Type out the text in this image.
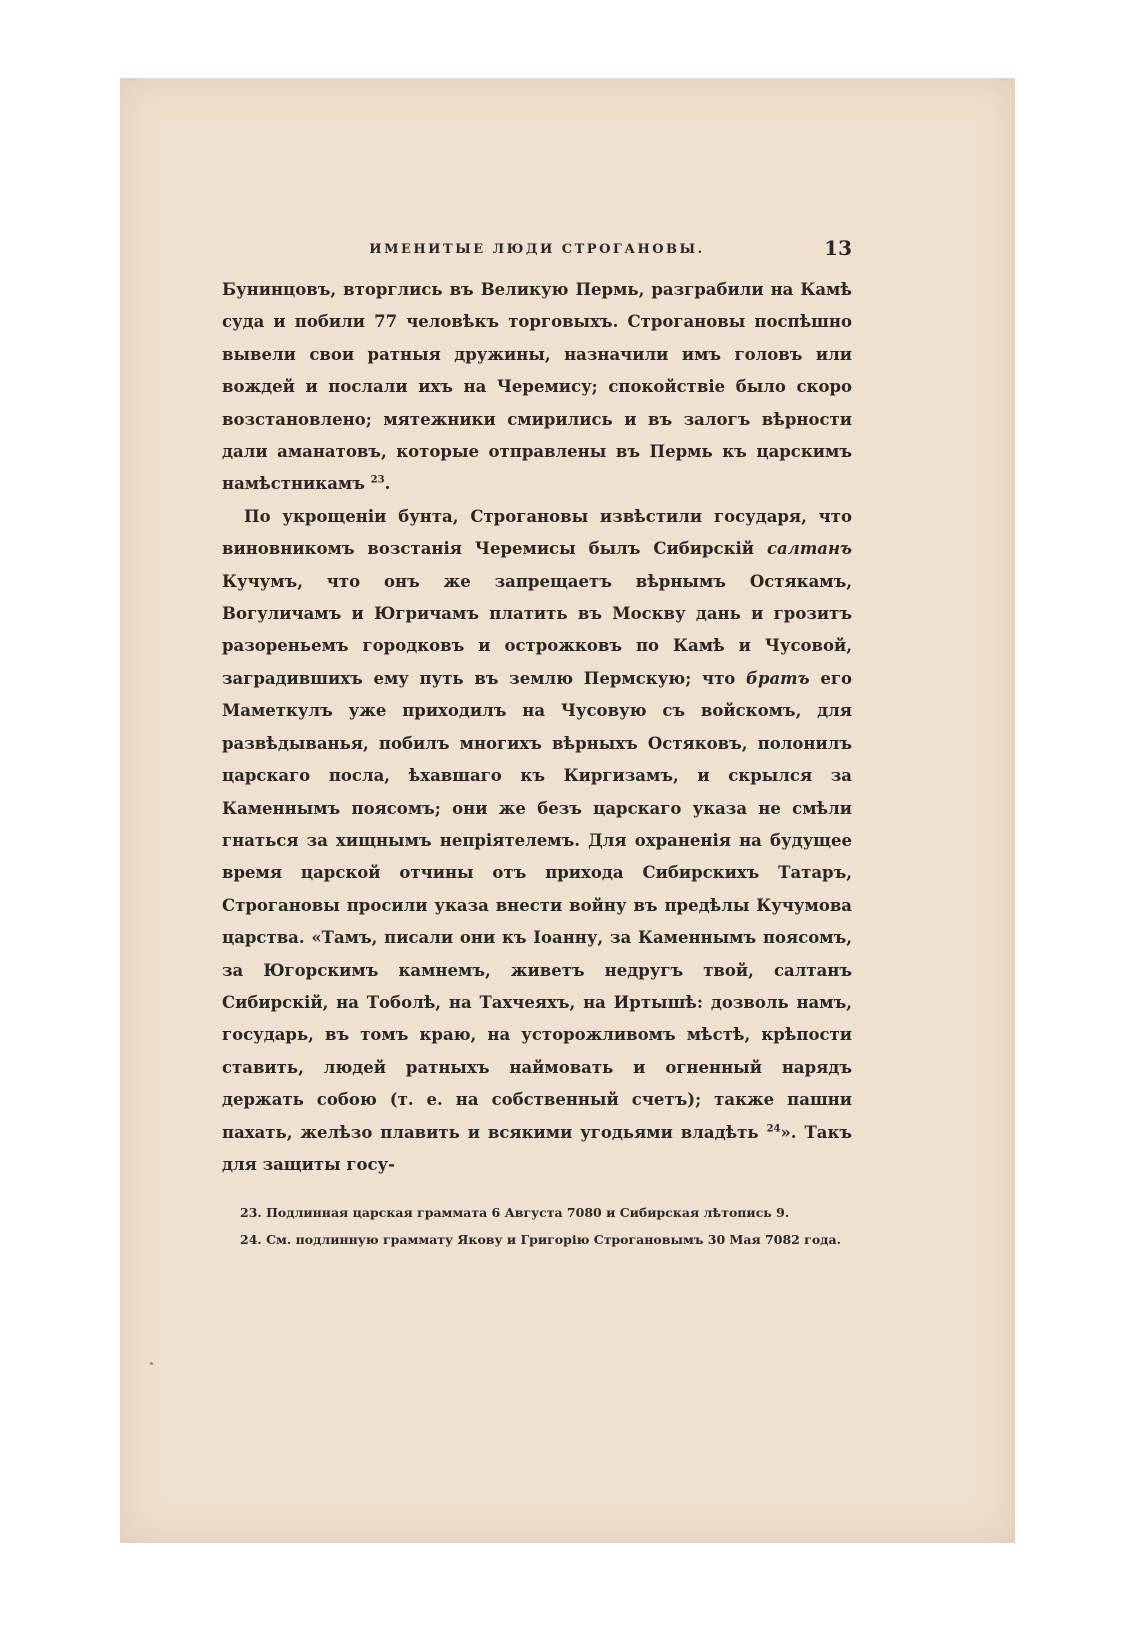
ИМЕНИТЫЕ ЛЮДИ СТРОГАНОВЫ.	13

Бунинцовъ, вторглись въ Великую Пермь, разграбили на Камѣ суда и побили 77 человѣкъ торговыхъ. Строгановы поспѣшно вывели свои ратныя дружины, назначили имъ головъ или вождей и послали ихъ на Черемису; спокойствіе было скоро возстановлено; мятежники смирились и въ залогъ вѣрности дали аманатовъ, которые отправлены въ Пермь къ царскимъ намѣстникамъ $^{23}$.

По укрощеніи бунта, Строгановы извѣстили государя, что виновникомъ возстанія Черемисы былъ Сибирскій салтанъ Кучумъ, что онъ же запрещаетъ вѣрнымъ Остякамъ, Вогуличамъ и Югричамъ платить въ Москву дань и грозитъ разореньемъ городковъ и острожковъ по Камѣ и Чусовой, заградившихъ ему путь въ землю Пермскую; что братъ его Маметкулъ уже приходилъ на Чусовую съ войскомъ, для развѣдыванья, побилъ многихъ вѣрныхъ Остяковъ, полонилъ царскаго посла, ѣхавшаго къ Киргизамъ, и скрылся за Каменнымъ поясомъ; они же безъ царскаго указа не смѣли гнаться за хищнымъ непріятелемъ. Для охраненія на будущее время царской отчины отъ прихода Сибирскихъ Татаръ, Строгановы просили указа внести войну въ предѣлы Кучумова царства. «Тамъ, писали они къ Іоанну, за Каменнымъ поясомъ, за Югорскимъ камнемъ, живетъ недругъ твой, салтанъ Сибирскій, на Тоболѣ, на Тахчеяхъ, на Иртышѣ: дозволь намъ, государь, въ томъ краю, на усторожливомъ мѣстѣ, крѣпости ставить, людей ратныхъ наймовать и огненный нарядъ держать собою (т. е. на собственный счетъ); также пашни пахать, желѣзо плавить и всякими угодьями владѣть $^{24}$». Такъ для защиты госу-

23. Подлинная царская граммата 6 Августа 7080 и Сибирская лѣтопись 9.

24. См. подлинную граммату Якову и Григорію Строгановымъ 30 Мая 7082 года.
